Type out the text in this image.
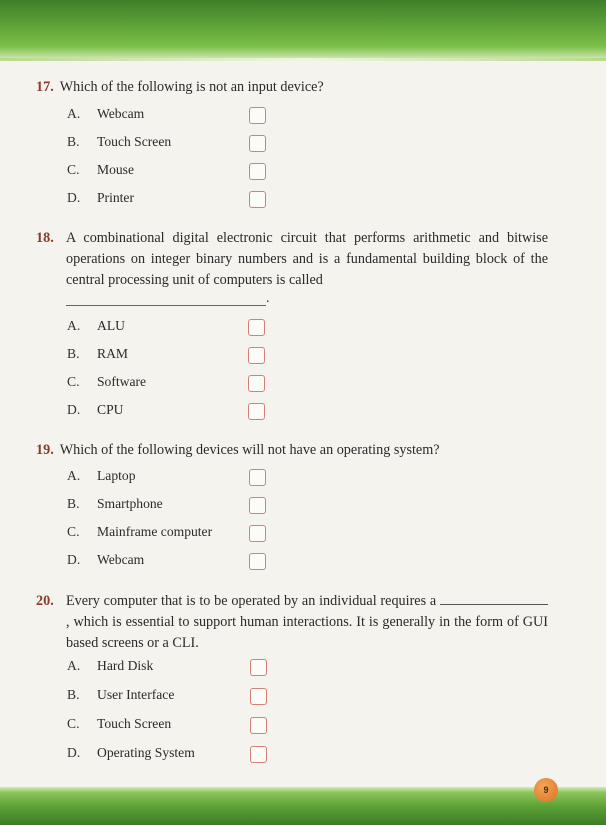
17. Which of the following is not an input device?
A. Webcam
B. Touch Screen
C. Mouse
D. Printer
18. A combinational digital electronic circuit that performs arithmetic and bitwise operations on integer binary numbers and is a fundamental building block of the central processing unit of computers is called
.
A. ALU
B. RAM
C. Software
D. CPU
19. Which of the following devices will not have an operating system?
A. Laptop
B. Smartphone
C. Mainframe computer
D. Webcam
20. Every computer that is to be operated by an individual requires a , which is essential to support human interactions. It is generally in the form of GUI based screens or a CLI.
A. Hard Disk
B. User Interface
C. Touch Screen
D. Operating System
9
